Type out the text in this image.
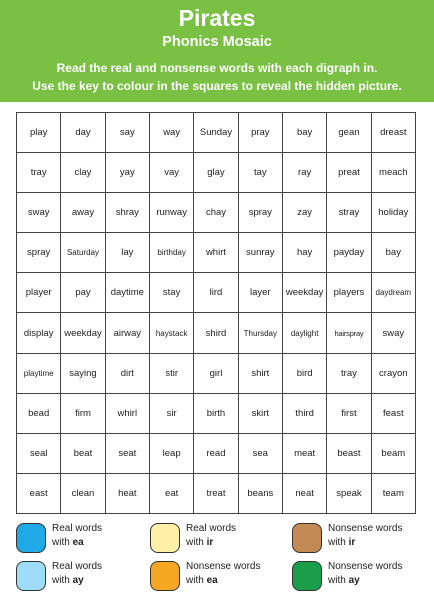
Pirates
Phonics Mosaic
Read the real and nonsense words with each digraph in.
Use the key to colour in the squares to reveal the hidden picture.
play	day	say	way	Sunday	pray	bay	gean	dreast
tray	clay	yay	vay	glay	tay	ray	preat	meach
sway	away	shray	runway	chay	spray	zay	stray	holiday
spray	Saturday	lay	birthday	whirt	sunray	hay	payday	bay
player	pay	daytime	stay	lird	layer	weekday	players	daydream
display	weekday	airway	haystack	shird	Thursday	daylight	hairspray	sway
playtime	saying	dirt	stir	girl	shirt	bird	tray	crayon
bead	firm	whirl	sir	birth	skirt	third	first	feast
seal	beat	seat	leap	read	sea	meat	beast	beam
east	clean	heat	eat	treat	beans	neat	speak	team
Real words
with ea
Real words
with ir
Nonsense words
with ir
Real words
with ay
Nonsense words
with ea
Nonsense words
with ay
